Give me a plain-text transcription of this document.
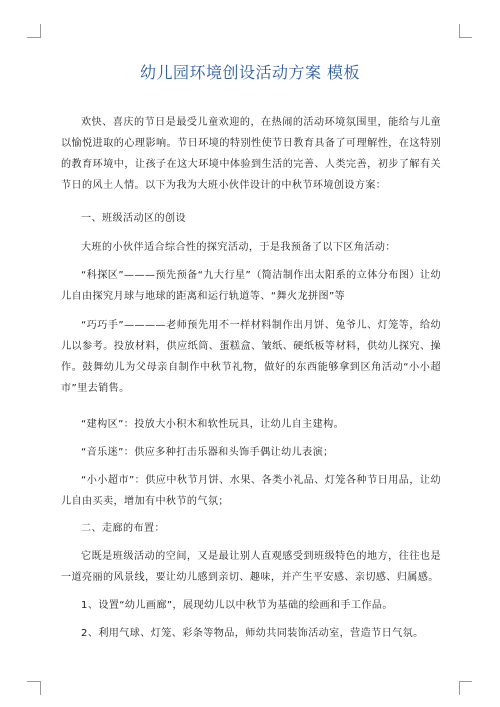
幼儿园环境创设活动方案 模板

欢快、喜庆的节日是最受儿童欢迎的，在热闹的活动环境氛围里，能给与儿童以愉悦进取的心理影响。节日环境的特别性使节日教育具备了可理解性，在这特别的教育环境中，让孩子在这大环境中体验到生活的完善、人类完善，初步了解有关节日的风土人情。以下为我为大班小伙伴设计的中秋节环境创设方案：

一、班级活动区的创设

大班的小伙伴适合综合性的探究活动，于是我预备了以下区角活动：

“科探区”———预先预备“九大行星”（简洁制作出太阳系的立体分布图）让幼儿自由探究月球与地球的距离和运行轨道等、“舞火龙拼图”等

“巧巧手”————老师预先用不一样材料制作出月饼、兔爷儿、灯笼等，给幼儿以参考。投放材料，供应纸筒、蛋糕盒、皱纸、硬纸板等材料，供幼儿探究、操作。鼓舞幼儿为父母亲自制作中秋节礼物，做好的东西能够拿到区角活动“小小超市”里去销售。

“建构区”：投放大小积木和软性玩具，让幼儿自主建构。

“音乐迷”：供应多种打击乐器和头饰手偶让幼儿表演；

“小小超市”：供应中秋节月饼、水果、各类小礼品、灯笼各种节日用品，让幼儿自由买卖，增加有中秋节的气氛；

二、走廊的布置：

它既是班级活动的空间，又是最让别人直观感受到班级特色的地方，往往也是一道亮丽的风景线，要让幼儿感到亲切、趣味，并产生平安感、亲切感、归属感。

1、设置“幼儿画廊”，展现幼儿以中秋节为基础的绘画和手工作品。

2、利用气球、灯笼、彩条等物品，师幼共同装饰活动室，营造节日气氛。
